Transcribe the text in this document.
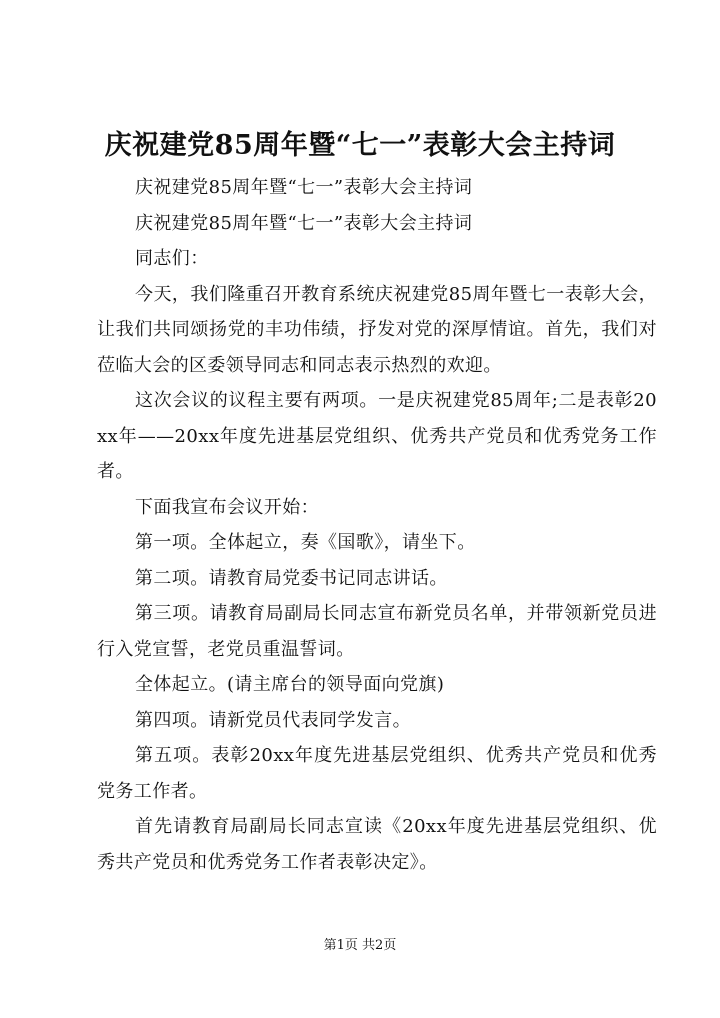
庆祝建党85周年暨“七一”表彰大会主持词

庆祝建党85周年暨“七一”表彰大会主持词

庆祝建党85周年暨“七一”表彰大会主持词

同志们：

今天，我们隆重召开教育系统庆祝建党85周年暨七一表彰大会，让我们共同颂扬党的丰功伟绩，抒发对党的深厚情谊。首先，我们对莅临大会的区委领导同志和同志表示热烈的欢迎。

这次会议的议程主要有两项。一是庆祝建党85周年;二是表彰20xx年——20xx年度先进基层党组织、优秀共产党员和优秀党务工作者。

下面我宣布会议开始：

第一项。全体起立，奏《国歌》，请坐下。

第二项。请教育局党委书记同志讲话。

第三项。请教育局副局长同志宣布新党员名单，并带领新党员进行入党宣誓，老党员重温誓词。

全体起立。(请主席台的领导面向党旗)

第四项。请新党员代表同学发言。

第五项。表彰20xx年度先进基层党组织、优秀共产党员和优秀党务工作者。

首先请教育局副局长同志宣读《20xx年度先进基层党组织、优秀共产党员和优秀党务工作者表彰决定》。

第1页 共2页
